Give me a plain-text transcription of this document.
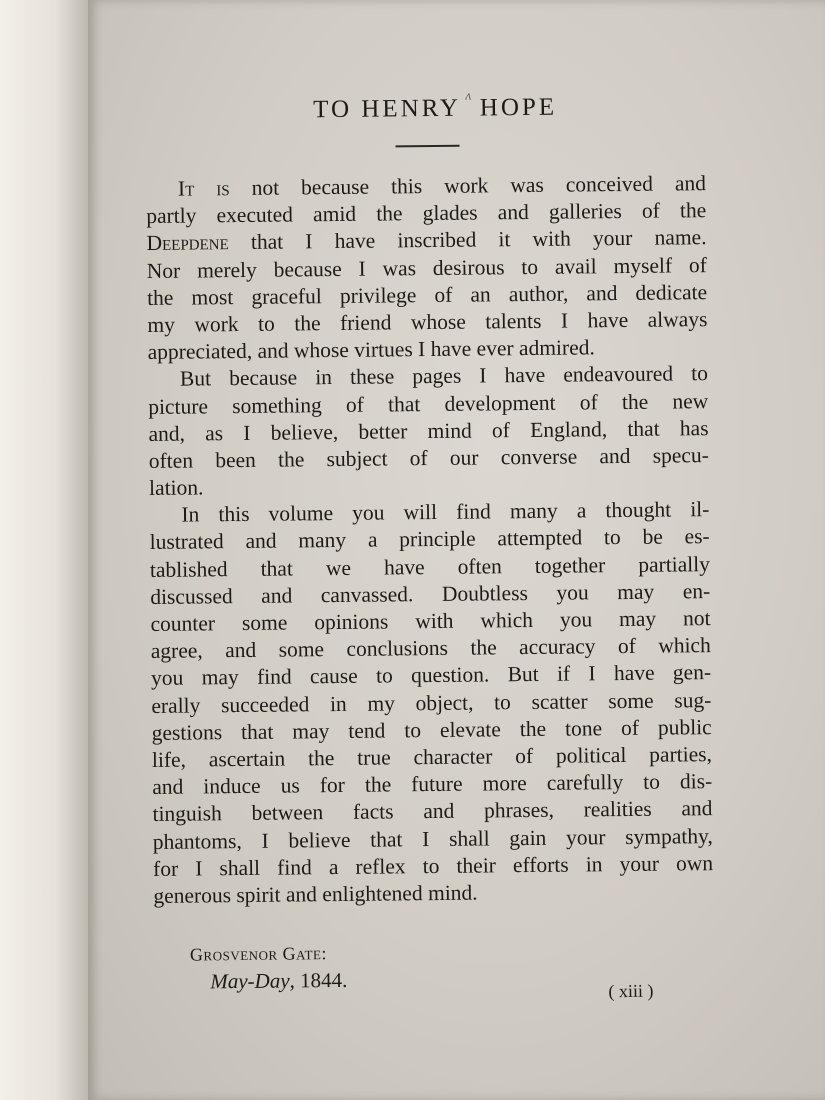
TO HENRY $^ʌ$ HOPE
It is not because this work was conceived and
partly executed amid the glades and galleries of the
Deepdene that I have inscribed it with your name.
Nor merely because I was desirous to avail myself of
the most graceful privilege of an author, and dedicate
my work to the friend whose talents I have always
appreciated, and whose virtues I have ever admired.
But because in these pages I have endeavoured to
picture something of that development of the new
and, as I believe, better mind of England, that has
often been the subject of our converse and specu-
lation.
In this volume you will find many a thought il-
lustrated and many a principle attempted to be es-
tablished that we have often together partially
discussed and canvassed. Doubtless you may en-
counter some opinions with which you may not
agree, and some conclusions the accuracy of which
you may find cause to question. But if I have gen-
erally succeeded in my object, to scatter some sug-
gestions that may tend to elevate the tone of public
life, ascertain the true character of political parties,
and induce us for the future more carefully to dis-
tinguish between facts and phrases, realities and
phantoms, I believe that I shall gain your sympathy,
for I shall find a reflex to their efforts in your own
generous spirit and enlightened mind.
Grosvenor Gate:
May-Day, 1844.	( xiii )
